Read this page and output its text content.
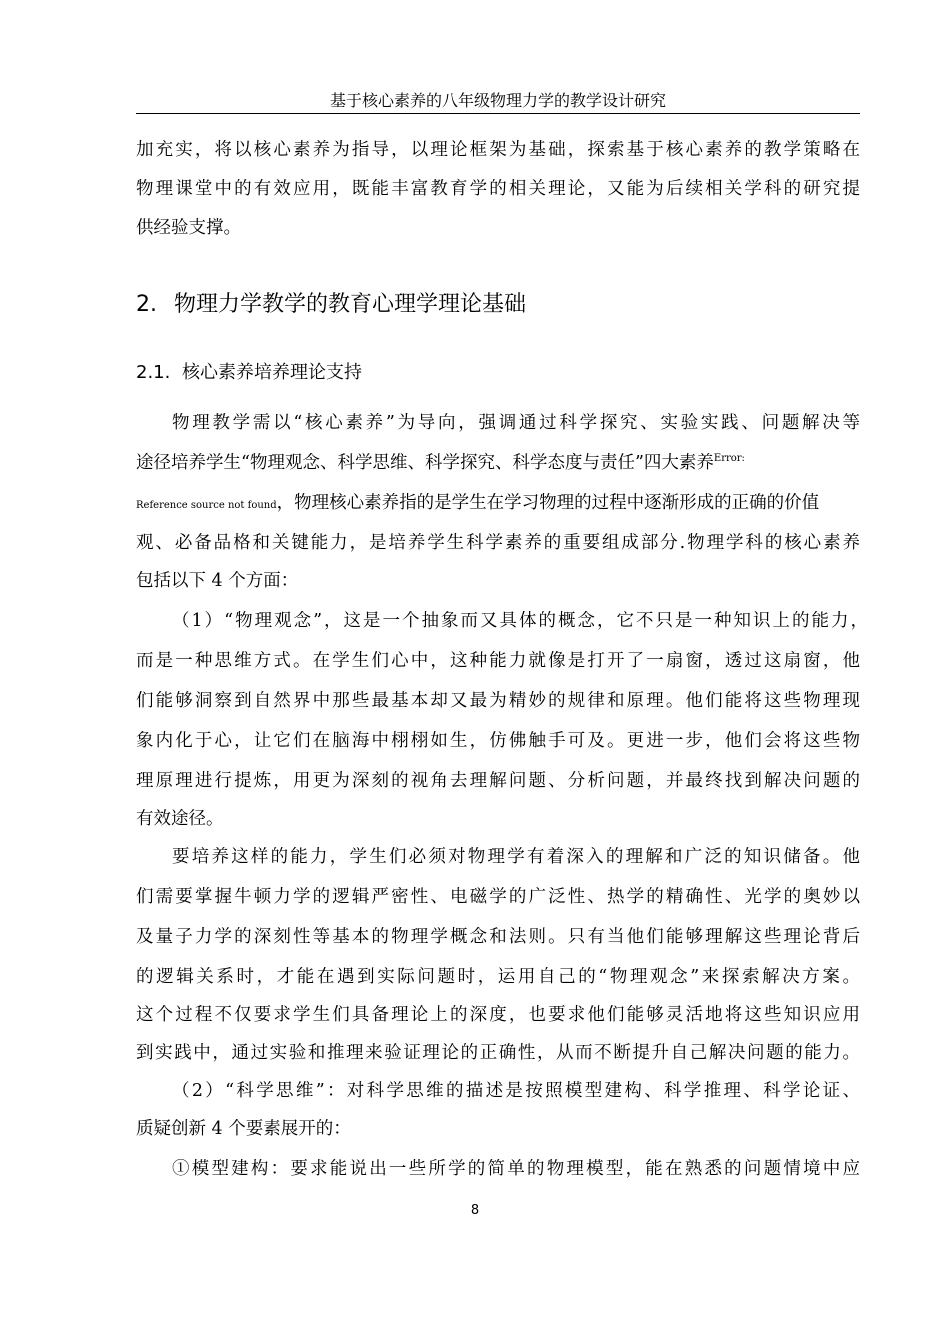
基于核心素养的八年级物理力学的教学设计研究
加充实，将以核心素养为指导，以理论框架为基础，探索基于核心素养的教学策略在
物理课堂中的有效应用，既能丰富教育学的相关理论，又能为后续相关学科的研究提
供经验支撑。
2. 物理力学教学的教育心理学理论基础
2.1. 核心素养培养理论支持
物理教学需以“核心素养”为导向，强调通过科学探究、实验实践、问题解决等
途径培养学生“物理观念、科学思维、科学探究、科学态度与责任”四大素养$^{Error:}$
Reference source not found，物理核心素养指的是学生在学习物理的过程中逐渐形成的正确的价值
观、必备品格和关键能力，是培养学生科学素养的重要组成部分.物理学科的核心素养
包括以下 4 个方面：
（1）“物理观念”，这是一个抽象而又具体的概念，它不只是一种知识上的能力，
而是一种思维方式。在学生们心中，这种能力就像是打开了一扇窗，透过这扇窗，他
们能够洞察到自然界中那些最基本却又最为精妙的规律和原理。他们能将这些物理现
象内化于心，让它们在脑海中栩栩如生，仿佛触手可及。更进一步，他们会将这些物
理原理进行提炼，用更为深刻的视角去理解问题、分析问题，并最终找到解决问题的
有效途径。
要培养这样的能力，学生们必须对物理学有着深入的理解和广泛的知识储备。他
们需要掌握牛顿力学的逻辑严密性、电磁学的广泛性、热学的精确性、光学的奥妙以
及量子力学的深刻性等基本的物理学概念和法则。只有当他们能够理解这些理论背后
的逻辑关系时，才能在遇到实际问题时，运用自己的“物理观念”来探索解决方案。
这个过程不仅要求学生们具备理论上的深度，也要求他们能够灵活地将这些知识应用
到实践中，通过实验和推理来验证理论的正确性，从而不断提升自己解决问题的能力。
（2）“科学思维”：对科学思维的描述是按照模型建构、科学推理、科学论证、
质疑创新 4 个要素展开的：
①模型建构：要求能说出一些所学的简单的物理模型，能在熟悉的问题情境中应
8
